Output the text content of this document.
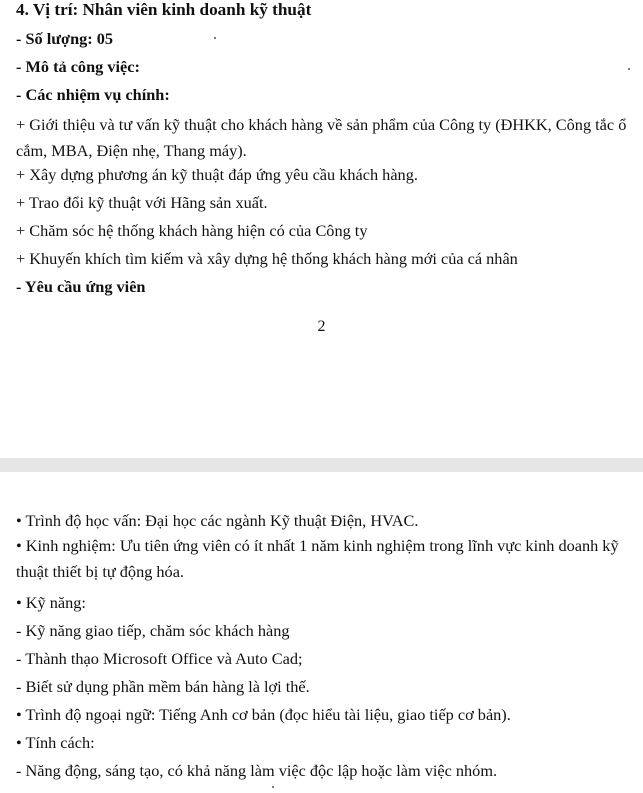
4. Vị trí: Nhân viên kinh doanh kỹ thuật
- Số lượng: 05
- Mô tả công việc:
- Các nhiệm vụ chính:
+ Giới thiệu và tư vấn kỹ thuật cho khách hàng về sản phẩm của Công ty (ĐHKK, Công tắc ổ cắm, MBA, Điện nhẹ, Thang máy).
+ Xây dựng phương án kỹ thuật đáp ứng yêu cầu khách hàng.
+ Trao đổi kỹ thuật với Hãng sản xuất.
+ Chăm sóc hệ thống khách hàng hiện có của Công ty
+ Khuyến khích tìm kiếm và xây dựng hệ thống khách hàng mới của cá nhân
- Yêu cầu ứng viên
2
• Trình độ học vấn: Đại học các ngành Kỹ thuật Điện, HVAC.
• Kinh nghiệm: Ưu tiên ứng viên có ít nhất 1 năm kinh nghiệm trong lĩnh vực kinh doanh kỹ thuật thiết bị tự động hóa.
• Kỹ năng:
- Kỹ năng giao tiếp, chăm sóc khách hàng
- Thành thạo Microsoft Office và Auto Cad;
- Biết sử dụng phần mềm bán hàng là lợi thế.
• Trình độ ngoại ngữ: Tiếng Anh cơ bản (đọc hiểu tài liệu, giao tiếp cơ bản).
• Tính cách:
- Năng động, sáng tạo, có khả năng làm việc độc lập hoặc làm việc nhóm.
